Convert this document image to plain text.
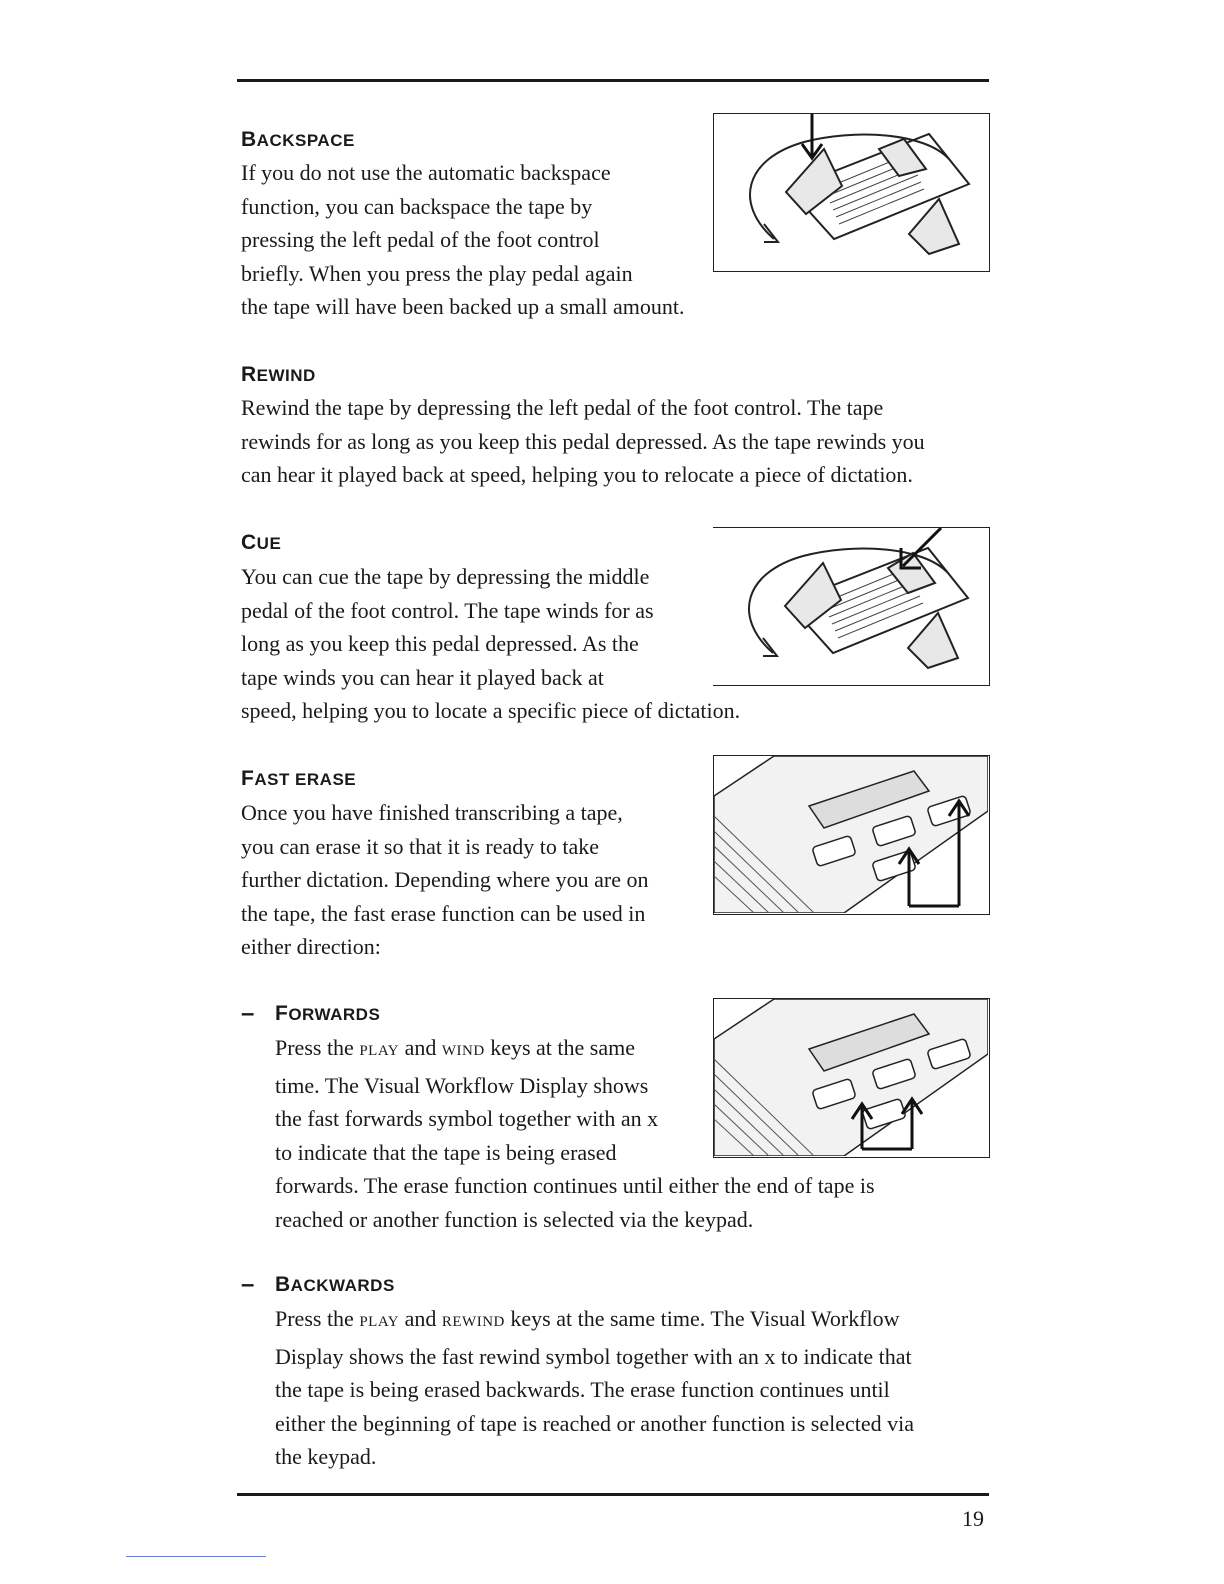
BACKSPACE

If you do not use the automatic backspace

function, you can backspace the tape by

pressing the left pedal of the foot control

briefly. When you press the play pedal again

the tape will have been backed up a small amount.

REWIND

Rewind the tape by depressing the left pedal of the foot control. The tape

rewinds for as long as you keep this pedal depressed. As the tape rewinds you

can hear it played back at speed, helping you to relocate a piece of dictation.

CUE

You can cue the tape by depressing the middle

pedal of the foot control. The tape winds for as

long as you keep this pedal depressed. As the

tape winds you can hear it played back at

speed, helping you to locate a specific piece of dictation.

FAST ERASE

Once you have finished transcribing a tape,

you can erase it so that it is ready to take

further dictation. Depending where you are on

the tape, the fast erase function can be used in

either direction:

– FORWARDS

Press the PLAY and WIND keys at the same

time. The Visual Workflow Display shows

the fast forwards symbol together with an x

to indicate that the tape is being erased

forwards. The erase function continues until either the end of tape is

reached or another function is selected via the keypad.

– BACKWARDS

Press the PLAY and REWIND keys at the same time. The Visual Workflow

Display shows the fast rewind symbol together with an x to indicate that

the tape is being erased backwards. The erase function continues until

either the beginning of tape is reached or another function is selected via

the keypad.

19
